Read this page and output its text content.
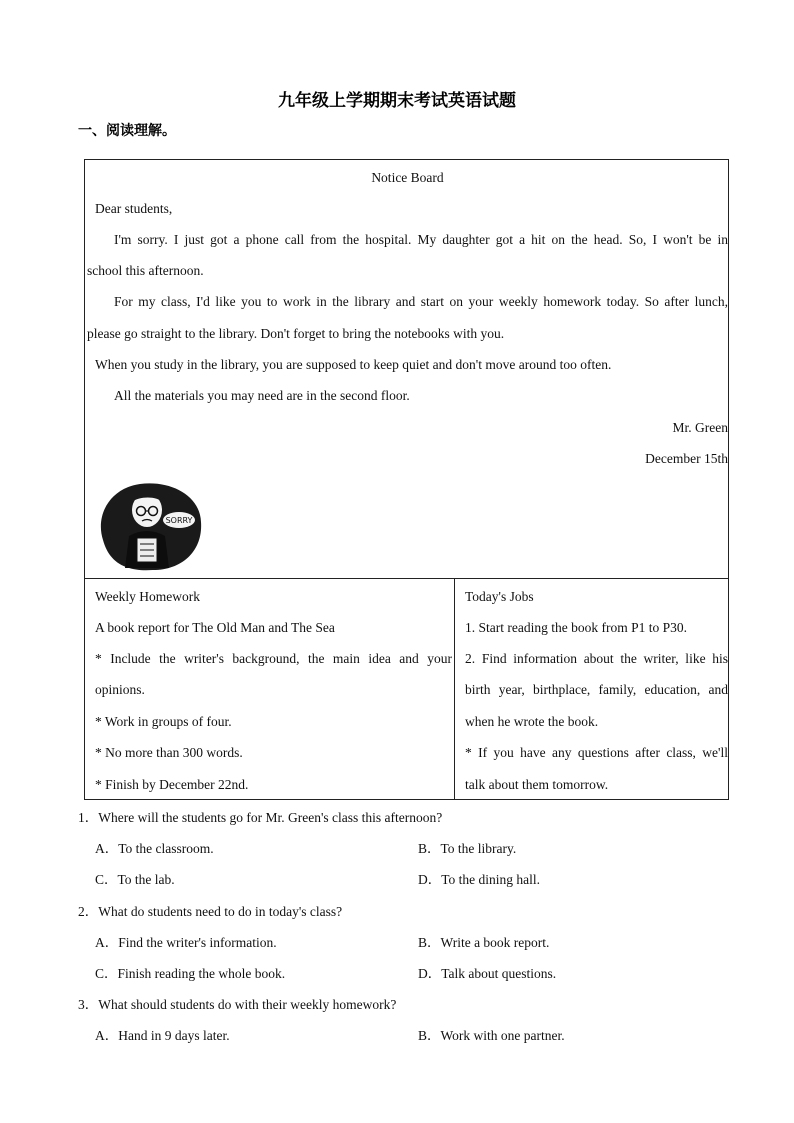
九年级上学期期末考试英语试题
一、阅读理解。
Notice Board
Dear students,
I'm sorry. I just got a phone call from the hospital. My daughter got a hit on the head. So, I won't be in
school this afternoon.
For my class, I'd like you to work in the library and start on your weekly homework today. So after lunch,
please go straight to the library. Don't forget to bring the notebooks with you.
When you study in the library, you are supposed to keep quiet and don't move around too often.
All the materials you may need are in the second floor.
Mr. Green
December 15th
SORRY
Weekly Homework
A book report for The Old Man and The Sea
* Include the writer's background, the main idea and your
opinions.
* Work in groups of four.
* No more than 300 words.
* Finish by December 22nd.
Today's Jobs
1. Start reading the book from P1 to P30.
2. Find information about the writer, like his
birth year, birthplace, family, education, and
when he wrote the book.
* If you have any questions after class, we'll
talk about them tomorrow.
1．Where will the students go for Mr. Green's class this afternoon?
A．To the classroom.	B．To the library.
C．To the lab.	D．To the dining hall.
2．What do students need to do in today's class?
A．Find the writer's information.	B．Write a book report.
C．Finish reading the whole book.	D．Talk about questions.
3．What should students do with their weekly homework?
A．Hand in 9 days later.	B．Work with one partner.
